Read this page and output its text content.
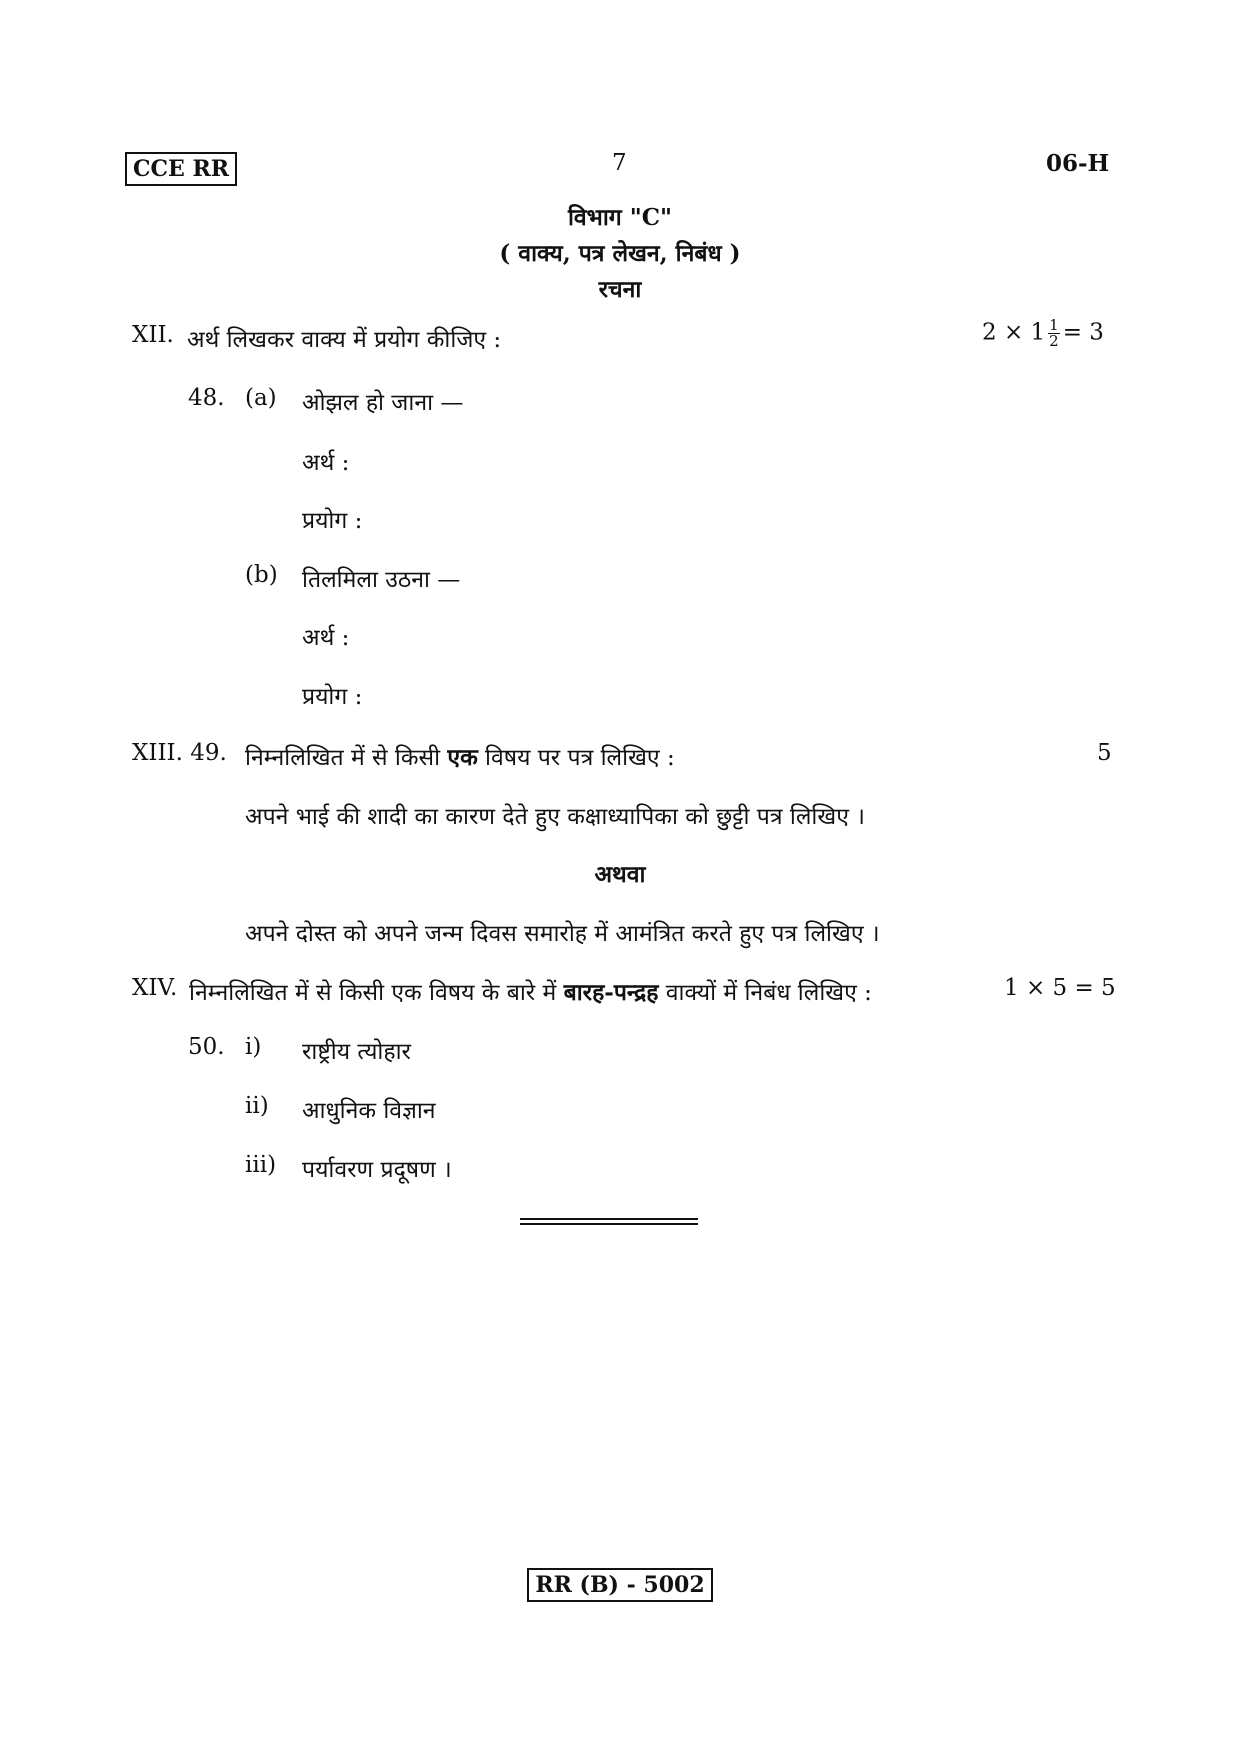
CCE RR	7	06-H
विभाग "C"
( वाक्य, पत्र लेखन, निबंध )
रचना
XII. अर्थ लिखकर वाक्य में प्रयोग कीजिए :	$2 \times 1 \frac{1}{2} = 3$
48. (a) ओझल हो जाना —
अर्थ :
प्रयोग :
(b) तिलमिला उठना —
अर्थ :
प्रयोग :
XIII. 49. निम्नलिखित में से किसी एक विषय पर पत्र लिखिए :	5
अपने भाई की शादी का कारण देते हुए कक्षाध्यापिका को छुट्टी पत्र लिखिए ।
अथवा
अपने दोस्त को अपने जन्म दिवस समारोह में आमंत्रित करते हुए पत्र लिखिए ।
XIV. निम्नलिखित में से किसी एक विषय के बारे में बारह-पन्द्रह वाक्यों में निबंध लिखिए :	1 × 5 = 5
50. i) राष्ट्रीय त्योहार
ii) आधुनिक विज्ञान
iii) पर्यावरण प्रदूषण ।
RR (B) - 5002
